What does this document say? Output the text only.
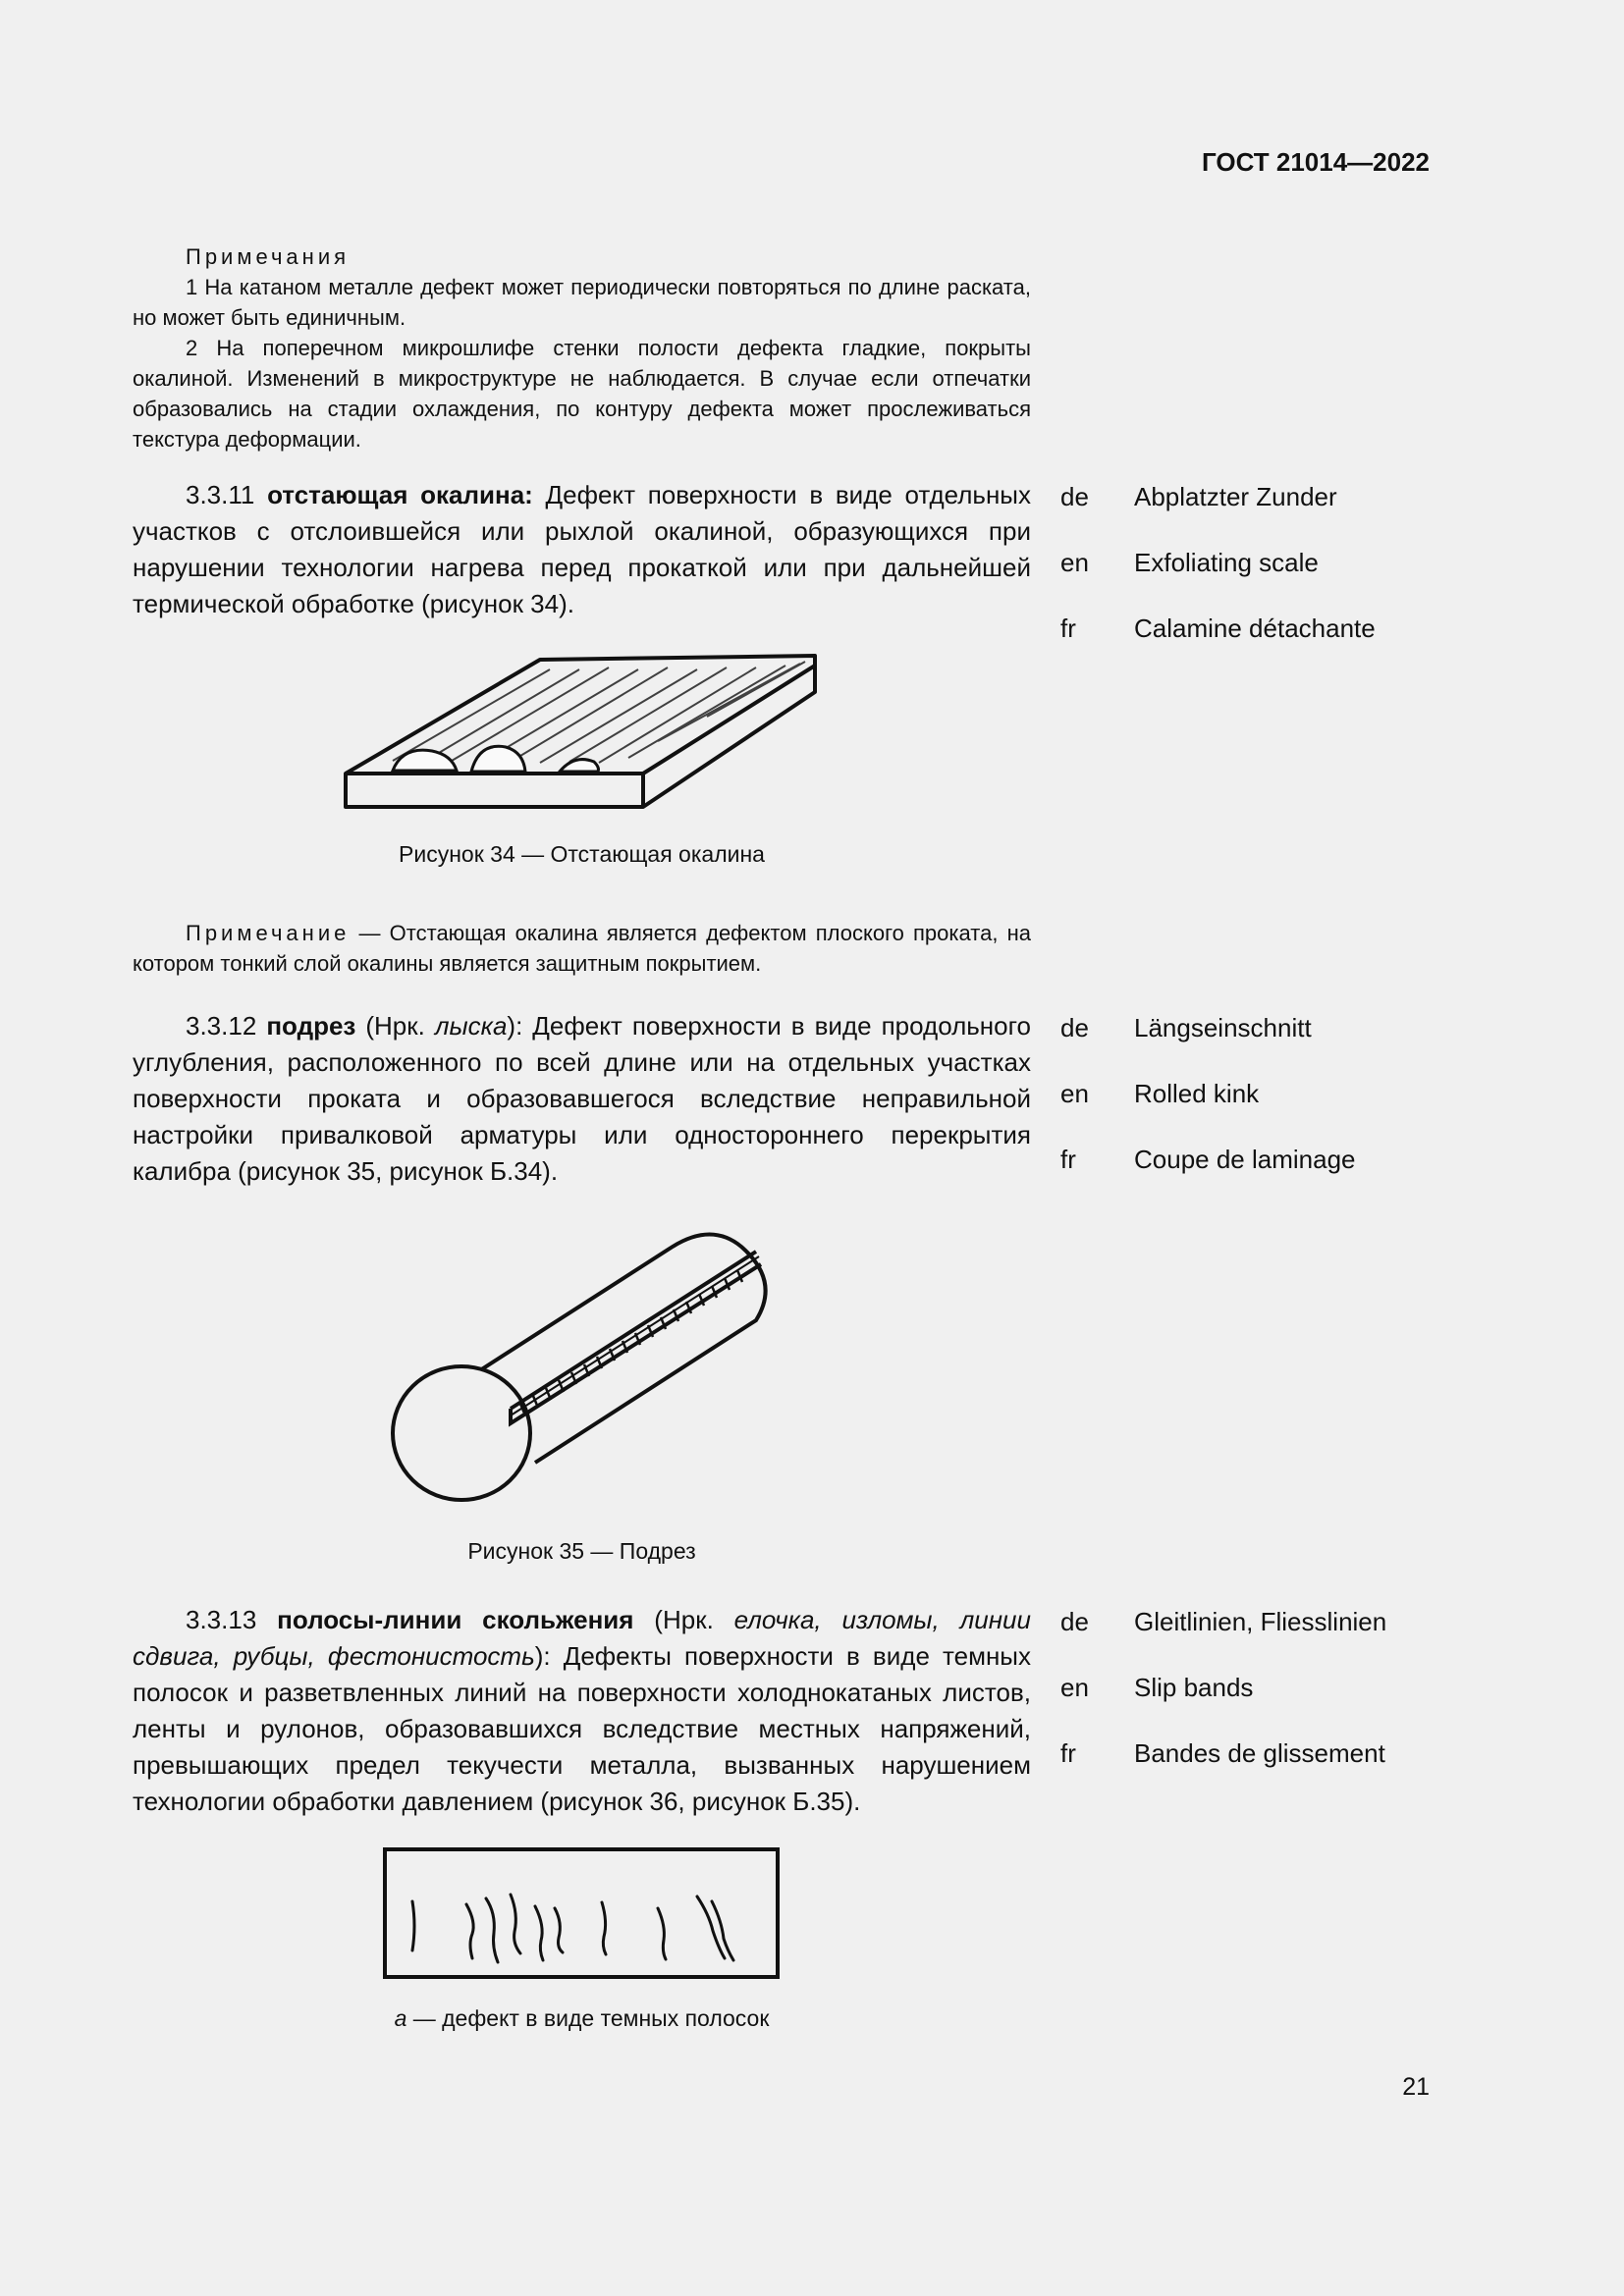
ГОСТ 21014—2022
21
Примечания
1 На катаном металле дефект может периодически повторяться по длине раската, но может быть единичным.
2 На поперечном микрошлифе стенки полости дефекта гладкие, покрыты окалиной. Изменений в микроструктуре не наблюдается. В случае если отпечатки образовались на стадии охлаждения, по контуру дефекта может прослеживаться текстура деформации.
3.3.11 отстающая окалина: Дефект поверхности в виде отдельных участков с отслоившейся или рыхлой окалиной, образующихся при нарушении технологии нагрева перед прокаткой или при дальнейшей термической обработке (рисунок 34).
de Abplatzter Zunder
en Exfoliating scale
fr Calamine détachante
Рисунок 34 — Отстающая окалина
Примечание — Отстающая окалина является дефектом плоского проката, на котором тонкий слой окалины является защитным покрытием.
3.3.12 подрез (Нрк. лыска): Дефект поверхности в виде продольного углубления, расположенного по всей длине или на отдельных участках поверхности проката и образовавшегося вследствие неправильной настройки привалковой арматуры или одностороннего перекрытия калибра (рисунок 35, рисунок Б.34).
de Längseinschnitt
en Rolled kink
fr Coupe de laminage
Рисунок 35 — Подрез
3.3.13 полосы-линии скольжения (Нрк. елочка, изломы, линии сдвига, рубцы, фестонистость): Дефекты поверхности в виде темных полосок и разветвленных линий на поверхности холоднокатаных листов, ленты и рулонов, образовавшихся вследствие местных напряжений, превышающих предел текучести металла, вызванных нарушением технологии обработки давлением (рисунок 36, рисунок Б.35).
de Gleitlinien, Fliesslinien
en Slip bands
fr Bandes de glissement
а — дефект в виде темных полосок
